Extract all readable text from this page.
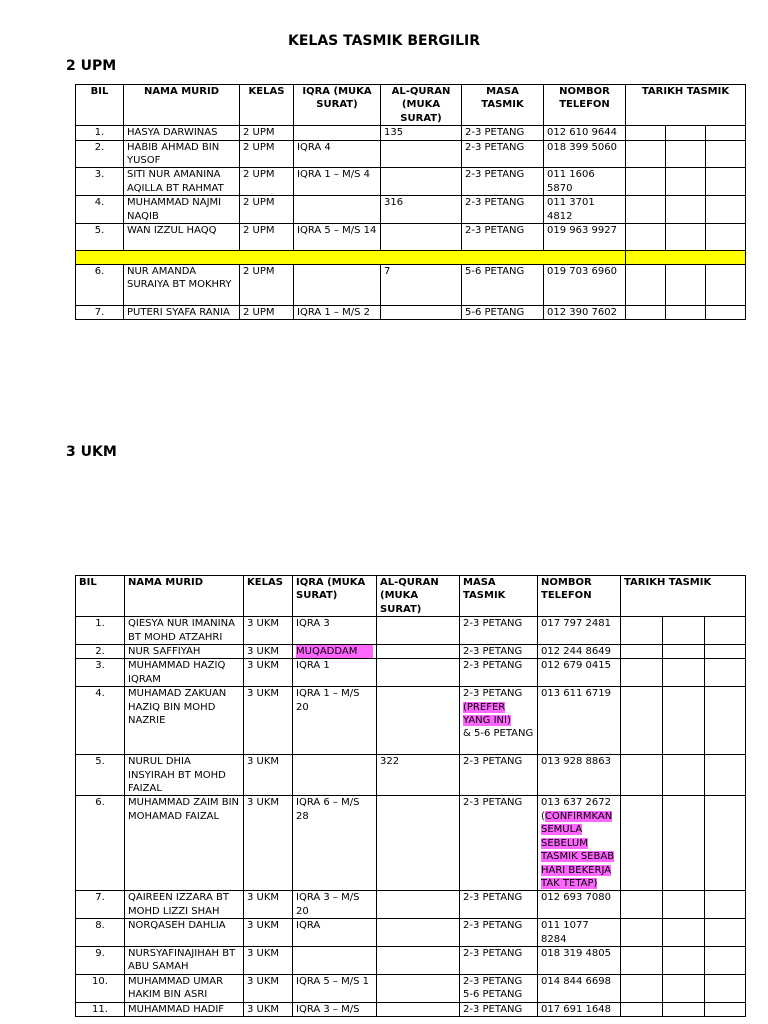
KELAS TASMIK BERGILIR
2 UPM
BIL	NAMA MURID	KELAS	IQRA (MUKA SURAT)	AL-QURAN (MUKA SURAT)	MASA TASMIK	NOMBOR TELEFON	TARIKH TASMIK		
1.	HASYA DARWINAS	2 UPM		135	2-3 PETANG	012 610 9644			

2.	HABIB AHMAD BIN YUSOF	2 UPM	IQRA 4		2-3 PETANG	018 399 5060			

3.	SITI NUR AMANINA AQILLA BT RAHMAT	2 UPM	IQRA 1 – M/S 4		2-3 PETANG	011 1606 5870			

4.	MUHAMMAD NAJMI NAQIB	2 UPM		316	2-3 PETANG	011 3701 4812			

5.	WAN IZZUL HAQQ	2 UPM	IQRA 5 – M/S 14		2-3 PETANG	019 963 9927			

6.	NUR AMANDA SURAIYA BT MOKHRY	2 UPM		7	5-6 PETANG	019 703 6960			

7.	PUTERI SYAFA RANIA	2 UPM	IQRA 1 – M/S 2		5-6 PETANG	012 390 7602			

3 UKM
BIL	NAMA MURID	KELAS	IQRA (MUKA SURAT)	AL-QURAN (MUKA SURAT)	MASA TASMIK	NOMBOR TELEFON	TARIKH TASMIK		
1.	QIESYA NUR IMANINA BT MOHD ATZAHRI	3 UKM	IQRA 3		2-3 PETANG	017 797 2481			

2.	NUR SAFFIYAH	3 UKM	MUQADDAM		2-3 PETANG	012 244 8649			

3.	MUHAMMAD HAZIQ IQRAM	3 UKM	IQRA 1		2-3 PETANG	012 679 0415			

4.	MUHAMAD ZAKUAN HAZIQ BIN MOHD NAZRIE	3 UKM	IQRA 1 – M/S 20		2-3 PETANG
(PREFER YANG INI)
& 5-6 PETANG	013 611 6719			

5.	NURUL DHIA INSYIRAH BT MOHD FAIZAL	3 UKM		322	2-3 PETANG	013 928 8863			

6.	MUHAMMAD ZAIM BIN MOHAMAD FAIZAL	3 UKM	IQRA 6 – M/S 28		2-3 PETANG	013 637 2672
(CONFIRMKAN SEMULA SEBELUM TASMIK SEBAB HARI BEKERJA TAK TETAP)			
7.	QAIREEN IZZARA BT MOHD LIZZI SHAH	3 UKM	IQRA 3 – M/S 20		2-3 PETANG	012 693 7080			

8.	NORQASEH DAHLIA	3 UKM	IQRA		2-3 PETANG	011 1077 8284			

9.	NURSYAFINAJIHAH BT ABU SAMAH	3 UKM			2-3 PETANG	018 319 4805			

10.	MUHAMMAD UMAR HAKIM BIN ASRI	3 UKM	IQRA 5 – M/S 1		2-3 PETANG
5-6 PETANG	014 844 6698			

11.	MUHAMMAD HADIF	3 UKM	IQRA 3 – M/S		2-3 PETANG	017 691 1648			
